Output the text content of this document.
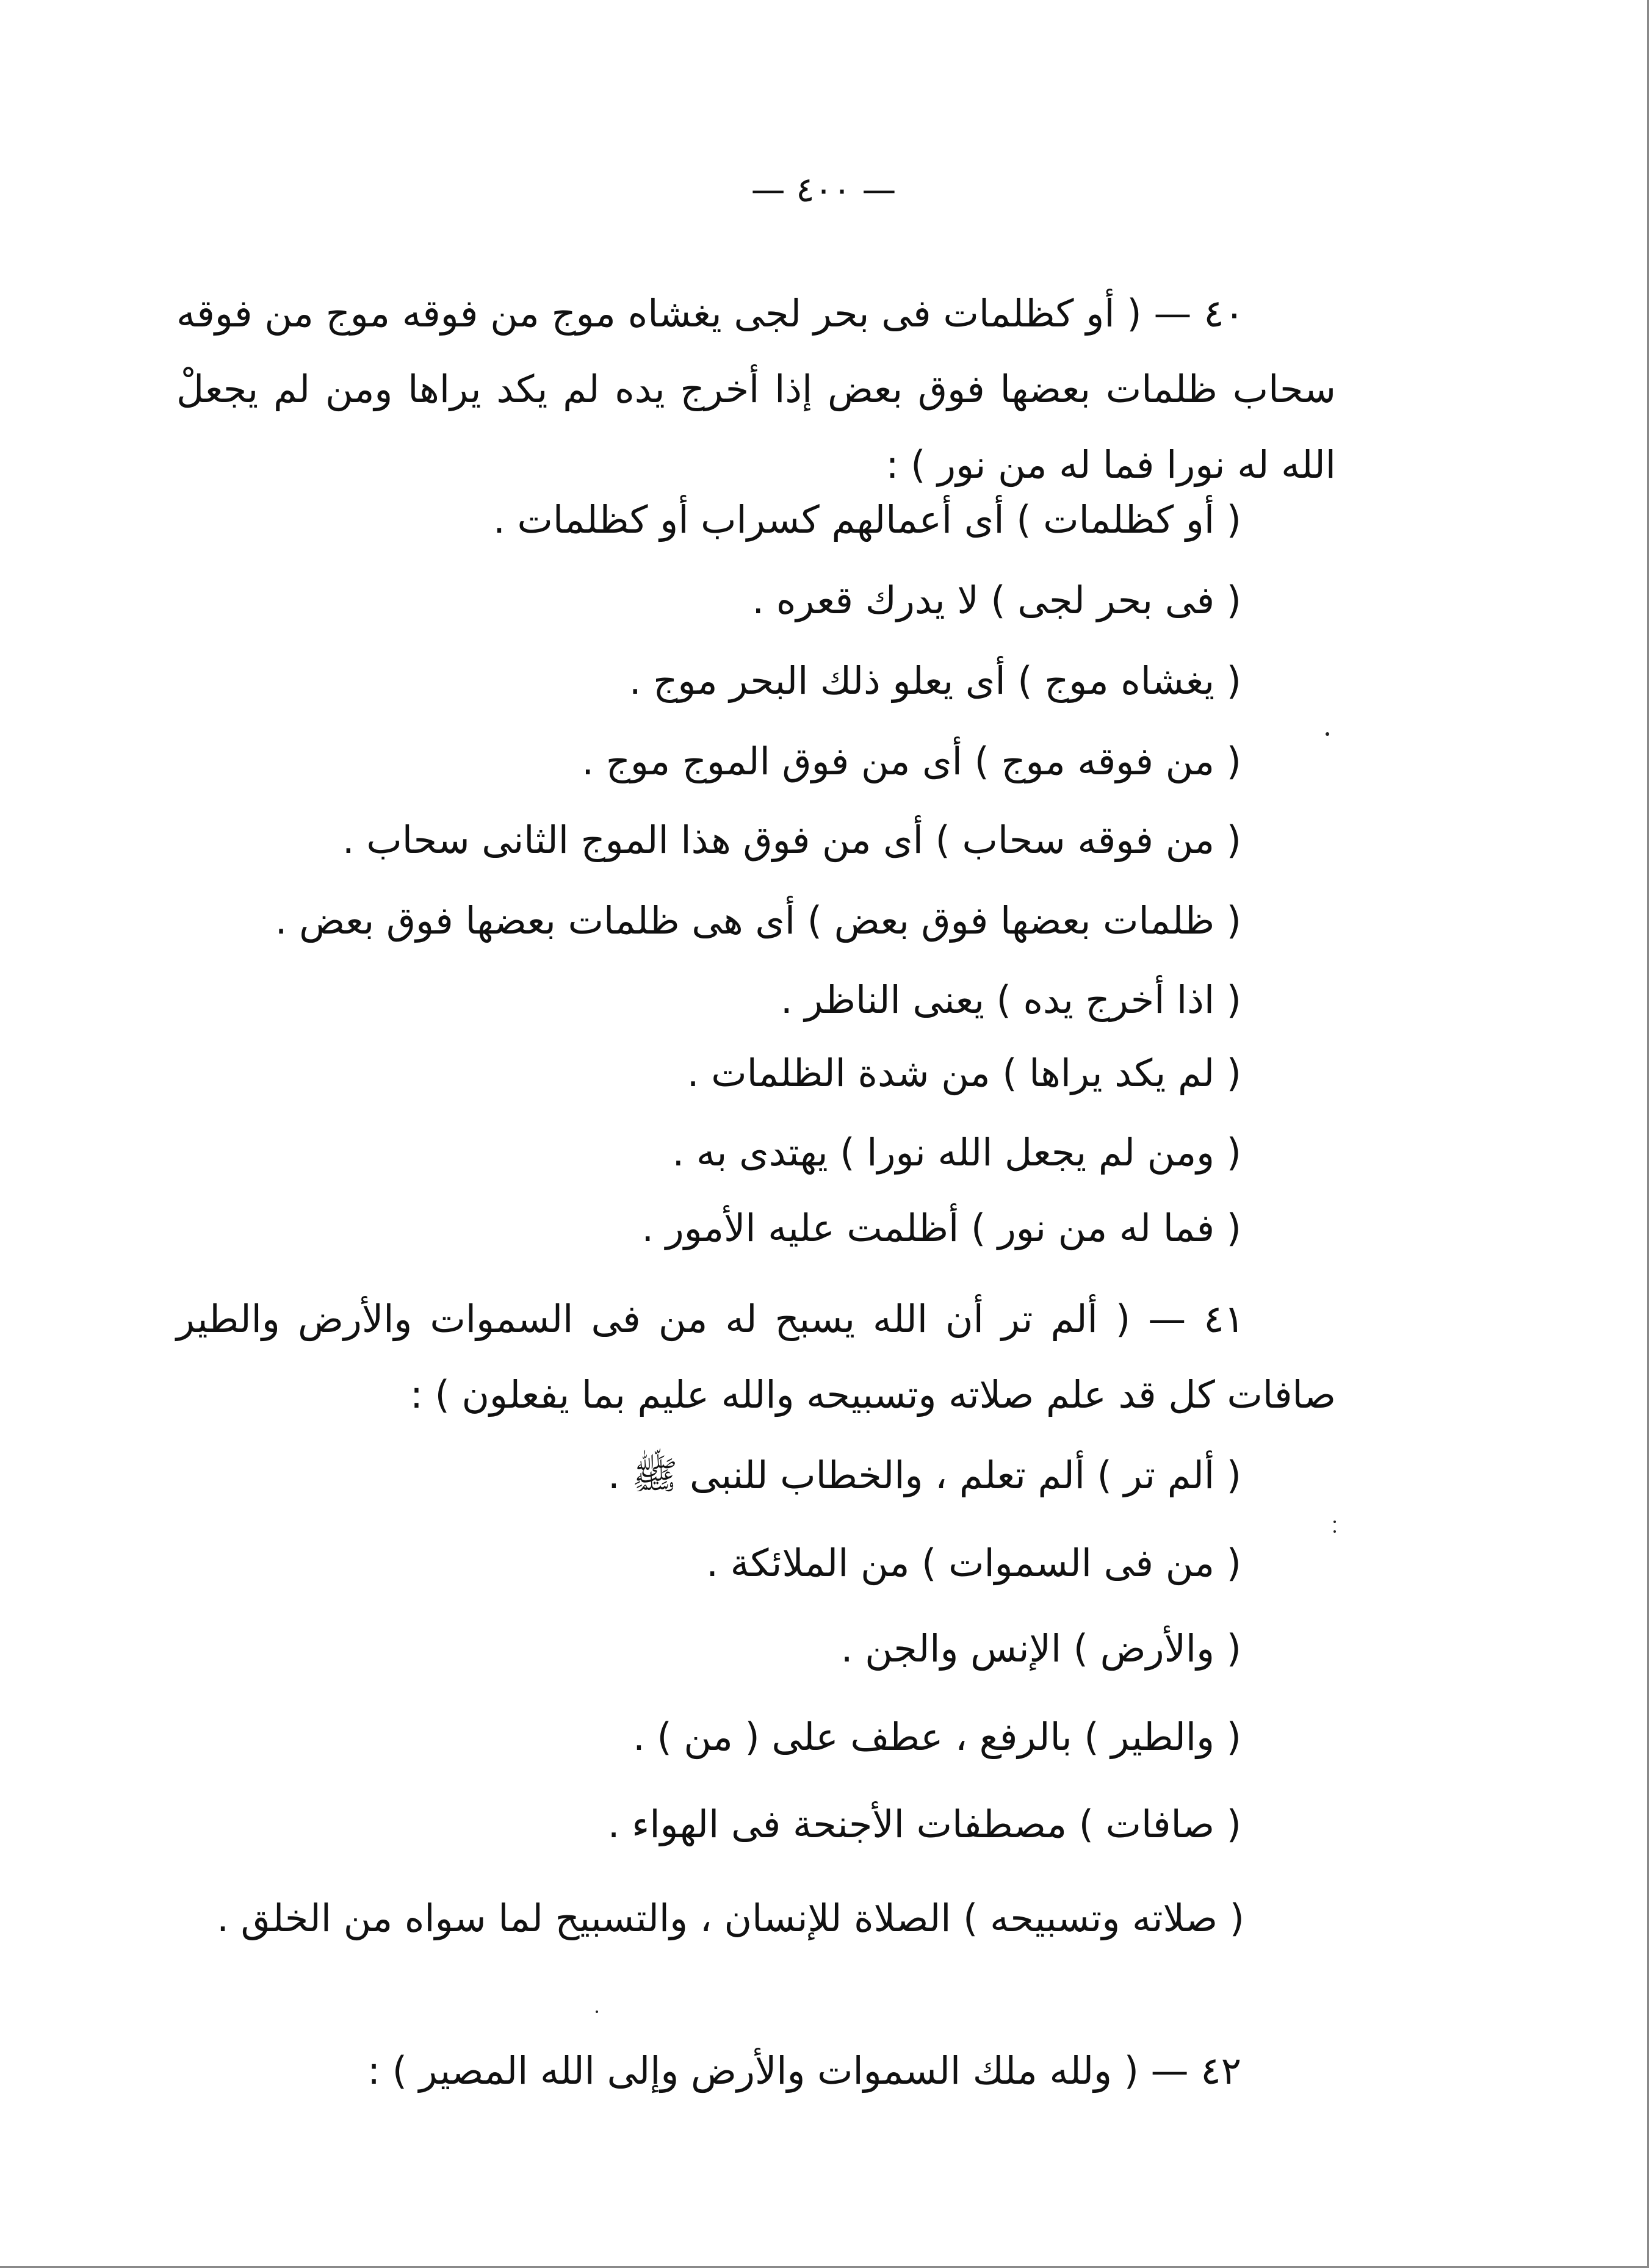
— ٤٠٠ —
٤٠ — ( أو كظلمات فى بحر لجى يغشاه موج من فوقه موج من فوقه سحاب ظلمات بعضها فوق بعض إذا أخرج يده لم يكد يراها ومن لم يجعلْ الله له نورا فما له من نور ) :
( أو كظلمات ) أى أعمالهم كسراب أو كظلمات .
( فى بحر لجى ) لا يدرك قعره .
( يغشاه موج ) أى يعلو ذلك البحر موج .
( من فوقه موج ) أى من فوق الموج موج .
( من فوقه سحاب ) أى من فوق هذا الموج الثانى سحاب .
( ظلمات بعضها فوق بعض ) أى هى ظلمات بعضها فوق بعض .
( اذا أخرج يده ) يعنى الناظر .
( لم يكد يراها ) من شدة الظلمات .
( ومن لم يجعل الله نورا ) يهتدى به .
( فما له من نور ) أظلمت عليه الأمور .
٤١ — ( ألم تر أن الله يسبح له من فى السموات والأرض والطير صافات كل قد علم صلاته وتسبيحه والله عليم بما يفعلون ) :
( ألم تر ) ألم تعلم ، والخطاب للنبى ﷺ .
( من فى السموات ) من الملائكة .
( والأرض ) الإنس والجن .
( والطير ) بالرفع ، عطف على ( من ) .
( صافات ) مصطفات الأجنحة فى الهواء .
( صلاته وتسبيحه ) الصلاة للإنسان ، والتسبيح لما سواه من الخلق .
٤٢ — ( ولله ملك السموات والأرض وإلى الله المصير ) :
